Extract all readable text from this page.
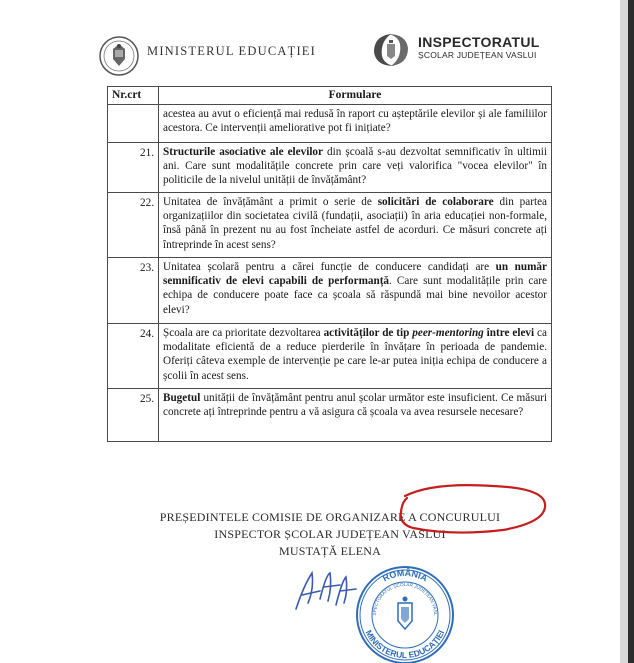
MINISTERUL EDUCAȚIEI
INSPECTORATUL
ȘCOLAR JUDEȚEAN VASLUI
Nr.crt	Formulare
	acestea au avut o eficiență mai redusă în raport cu așteptările elevilor și ale familiilor acestora. Ce intervenții ameliorative pot fi inițiate?
21.	Structurile asociative ale elevilor din școală s-au dezvoltat semnificativ în ultimii ani. Care sunt modalitățile concrete prin care veți valorifica "vocea elevilor" în politicile de la nivelul unității de învățământ?
22.	Unitatea de învățământ a primit o serie de solicitări de colaborare din partea organizațiilor din societatea civilă (fundații, asociații) în aria educației non-formale, însă până în prezent nu au fost încheiate astfel de acorduri. Ce măsuri concrete ați întreprinde în acest sens?
23.	Unitatea școlară pentru a cărei funcție de conducere candidați are un număr semnificativ de elevi capabili de performanță. Care sunt modalitățile prin care echipa de conducere poate face ca școala să răspundă mai bine nevoilor acestor elevi?
24.	Școala are ca prioritate dezvoltarea activităților de tip peer-mentoring între elevi ca modalitate eficientă de a reduce pierderile în învățare în perioada de pandemie. Oferiți câteva exemple de intervenție pe care le-ar putea iniția echipa de conducere a școlii în acest sens.
25.	Bugetul unității de învățământ pentru anul școlar următor este insuficient. Ce măsuri concrete ați întreprinde pentru a vă asigura că școala va avea resursele necesare?
PREȘEDINTELE COMISIE DE ORGANIZARE A CONCURULUI
INSPECTOR ȘCOLAR JUDEȚEAN VASLUI
MUSTAȚĂ ELENA
ROMÂNIA
MINISTERUL EDUCAȚIEI
SPECTORATUL ȘCOLAR JUDEȚEAN VASL
